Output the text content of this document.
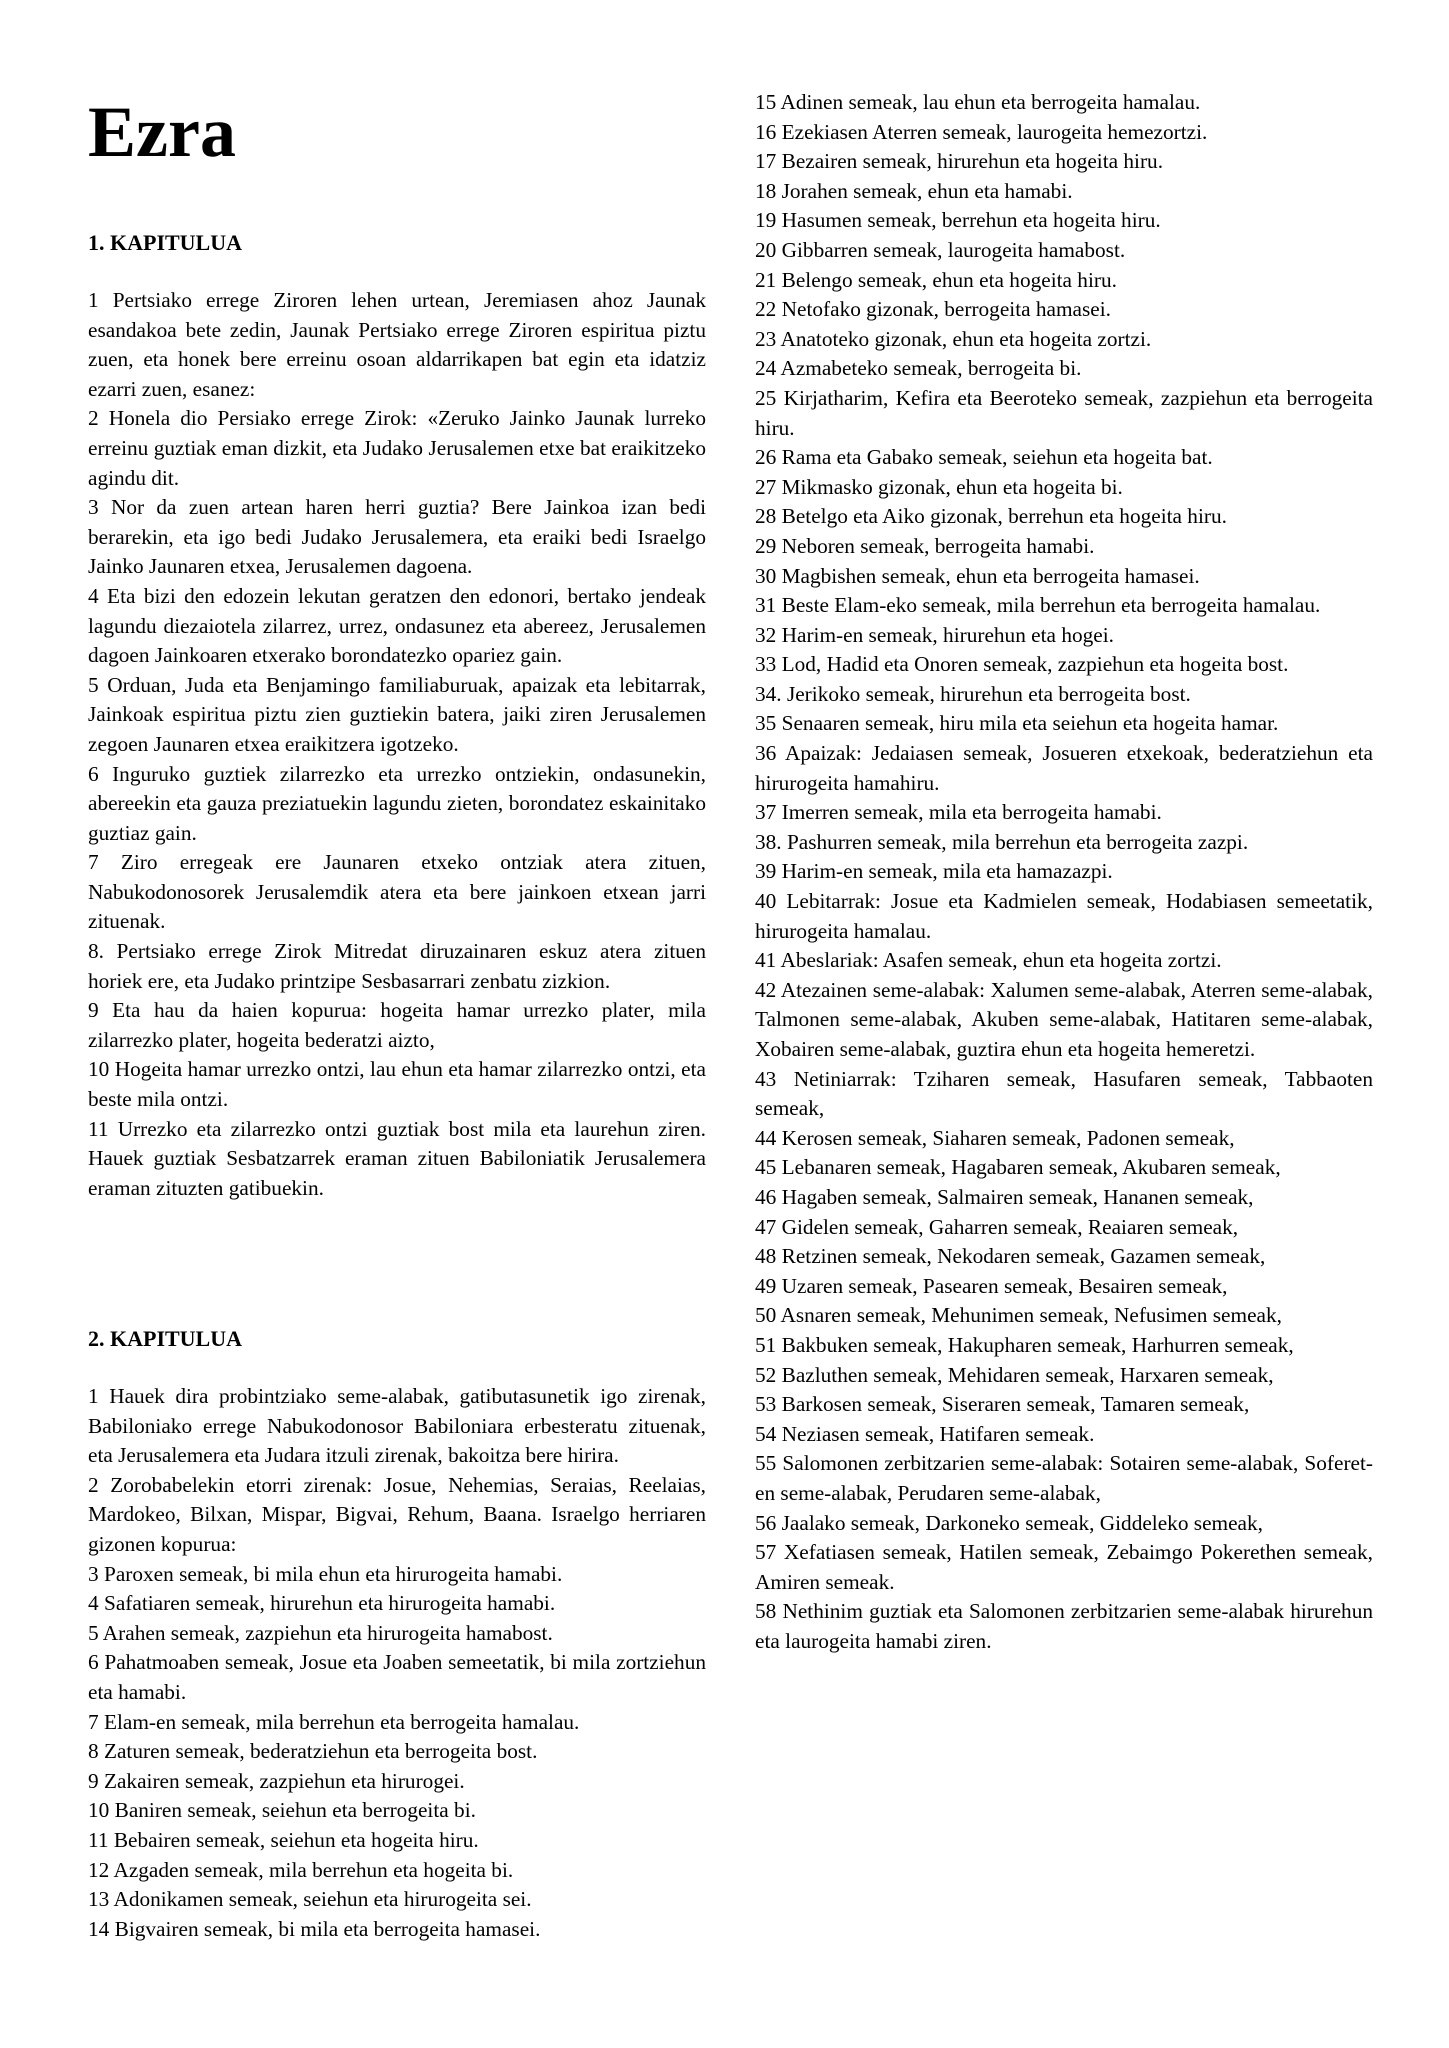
Ezra
1. KAPITULUA

1 Pertsiako errege Ziroren lehen urtean, Jeremiasen ahoz Jaunak esandakoa bete zedin, Jaunak Pertsiako errege Ziroren espiritua piztu zuen, eta honek bere erreinu osoan aldarrikapen bat egin eta idatziz ezarri zuen, esanez:

2 Honela dio Persiako errege Zirok: «Zeruko Jainko Jaunak lurreko erreinu guztiak eman dizkit, eta Judako Jerusalemen etxe bat eraikitzeko agindu dit.

3 Nor da zuen artean haren herri guztia? Bere Jainkoa izan bedi berarekin, eta igo bedi Judako Jerusalemera, eta eraiki bedi Israelgo Jainko Jaunaren etxea, Jerusalemen dagoena.

4 Eta bizi den edozein lekutan geratzen den edonori, bertako jendeak lagundu diezaiotela zilarrez, urrez, ondasunez eta abereez, Jerusalemen dagoen Jainkoaren etxerako borondatezko opariez gain.

5 Orduan, Juda eta Benjamingo familiaburuak, apaizak eta lebitarrak, Jainkoak espiritua piztu zien guztiekin batera, jaiki ziren Jerusalemen zegoen Jaunaren etxea eraikitzera igotzeko.

6 Inguruko guztiek zilarrezko eta urrezko ontziekin, ondasunekin, abereekin eta gauza preziatuekin lagundu zieten, borondatez eskainitako guztiaz gain.

7 Ziro erregeak ere Jaunaren etxeko ontziak atera zituen, Nabukodonosorek Jerusalemdik atera eta bere jainkoen etxean jarri zituenak.

8. Pertsiako errege Zirok Mitredat diruzainaren eskuz atera zituen horiek ere, eta Judako printzipe Sesbasarrari zenbatu zizkion.

9 Eta hau da haien kopurua: hogeita hamar urrezko plater, mila zilarrezko plater, hogeita bederatzi aizto,

10 Hogeita hamar urrezko ontzi, lau ehun eta hamar zilarrezko ontzi, eta beste mila ontzi.

11 Urrezko eta zilarrezko ontzi guztiak bost mila eta laurehun ziren. Hauek guztiak Sesbatzarrek eraman zituen Babiloniatik Jerusalemera eraman zituzten gatibuekin.

2. KAPITULUA

1 Hauek dira probintziako seme-alabak, gatibutasunetik igo zirenak, Babiloniako errege Nabukodonosor Babiloniara erbesteratu zituenak, eta Jerusalemera eta Judara itzuli zirenak, bakoitza bere hirira.

2 Zorobabelekin etorri zirenak: Josue, Nehemias, Seraias, Reelaias, Mardokeo, Bilxan, Mispar, Bigvai, Rehum, Baana. Israelgo herriaren gizonen kopurua:

3 Paroxen semeak, bi mila ehun eta hirurogeita hamabi.

4 Safatiaren semeak, hirurehun eta hirurogeita hamabi.

5 Arahen semeak, zazpiehun eta hirurogeita hamabost.

6 Pahatmoaben semeak, Josue eta Joaben semeetatik, bi mila zortziehun eta hamabi.

7 Elam-en semeak, mila berrehun eta berrogeita hamalau.

8 Zaturen semeak, bederatziehun eta berrogeita bost.

9 Zakairen semeak, zazpiehun eta hirurogei.

10 Baniren semeak, seiehun eta berrogeita bi.

11 Bebairen semeak, seiehun eta hogeita hiru.

12 Azgaden semeak, mila berrehun eta hogeita bi.

13 Adonikamen semeak, seiehun eta hirurogeita sei.

14 Bigvairen semeak, bi mila eta berrogeita hamasei.

15 Adinen semeak, lau ehun eta berrogeita hamalau.

16 Ezekiasen Aterren semeak, laurogeita hemezortzi.

17 Bezairen semeak, hirurehun eta hogeita hiru.

18 Jorahen semeak, ehun eta hamabi.

19 Hasumen semeak, berrehun eta hogeita hiru.

20 Gibbarren semeak, laurogeita hamabost.

21 Belengo semeak, ehun eta hogeita hiru.

22 Netofako gizonak, berrogeita hamasei.

23 Anatoteko gizonak, ehun eta hogeita zortzi.

24 Azmabeteko semeak, berrogeita bi.

25 Kirjatharim, Kefira eta Beeroteko semeak, zazpiehun eta berrogeita hiru.

26 Rama eta Gabako semeak, seiehun eta hogeita bat.

27 Mikmasko gizonak, ehun eta hogeita bi.

28 Betelgo eta Aiko gizonak, berrehun eta hogeita hiru.

29 Neboren semeak, berrogeita hamabi.

30 Magbishen semeak, ehun eta berrogeita hamasei.

31 Beste Elam-eko semeak, mila berrehun eta berrogeita hamalau.

32 Harim-en semeak, hirurehun eta hogei.

33 Lod, Hadid eta Onoren semeak, zazpiehun eta hogeita bost.

34. Jerikoko semeak, hirurehun eta berrogeita bost.

35 Senaaren semeak, hiru mila eta seiehun eta hogeita hamar.

36 Apaizak: Jedaiasen semeak, Josueren etxekoak, bederatziehun eta hirurogeita hamahiru.

37 Imerren semeak, mila eta berrogeita hamabi.

38. Pashurren semeak, mila berrehun eta berrogeita zazpi.

39 Harim-en semeak, mila eta hamazazpi.

40 Lebitarrak: Josue eta Kadmielen semeak, Hodabiasen semeetatik, hirurogeita hamalau.

41 Abeslariak: Asafen semeak, ehun eta hogeita zortzi.

42 Atezainen seme-alabak: Xalumen seme-alabak, Aterren seme-alabak, Talmonen seme-alabak, Akuben seme-alabak, Hatitaren seme-alabak, Xobairen seme-alabak, guztira ehun eta hogeita hemeretzi.

43 Netiniarrak: Tziharen semeak, Hasufaren semeak, Tabbaoten semeak,

44 Kerosen semeak, Siaharen semeak, Padonen semeak,

45 Lebanaren semeak, Hagabaren semeak, Akubaren semeak,

46 Hagaben semeak, Salmairen semeak, Hananen semeak,

47 Gidelen semeak, Gaharren semeak, Reaiaren semeak,

48 Retzinen semeak, Nekodaren semeak, Gazamen semeak,

49 Uzaren semeak, Pasearen semeak, Besairen semeak,

50 Asnaren semeak, Mehunimen semeak, Nefusimen semeak,

51 Bakbuken semeak, Hakupharen semeak, Harhurren semeak,

52 Bazluthen semeak, Mehidaren semeak, Harxaren semeak,

53 Barkosen semeak, Siseraren semeak, Tamaren semeak,

54 Neziasen semeak, Hatifaren semeak.

55 Salomonen zerbitzarien seme-alabak: Sotairen seme-alabak, Soferet-en seme-alabak, Perudaren seme-alabak,

56 Jaalako semeak, Darkoneko semeak, Giddeleko semeak,

57 Xefatiasen semeak, Hatilen semeak, Zebaimgo Pokerethen semeak, Amiren semeak.

58 Nethinim guztiak eta Salomonen zerbitzarien seme-alabak hirurehun eta laurogeita hamabi ziren.
